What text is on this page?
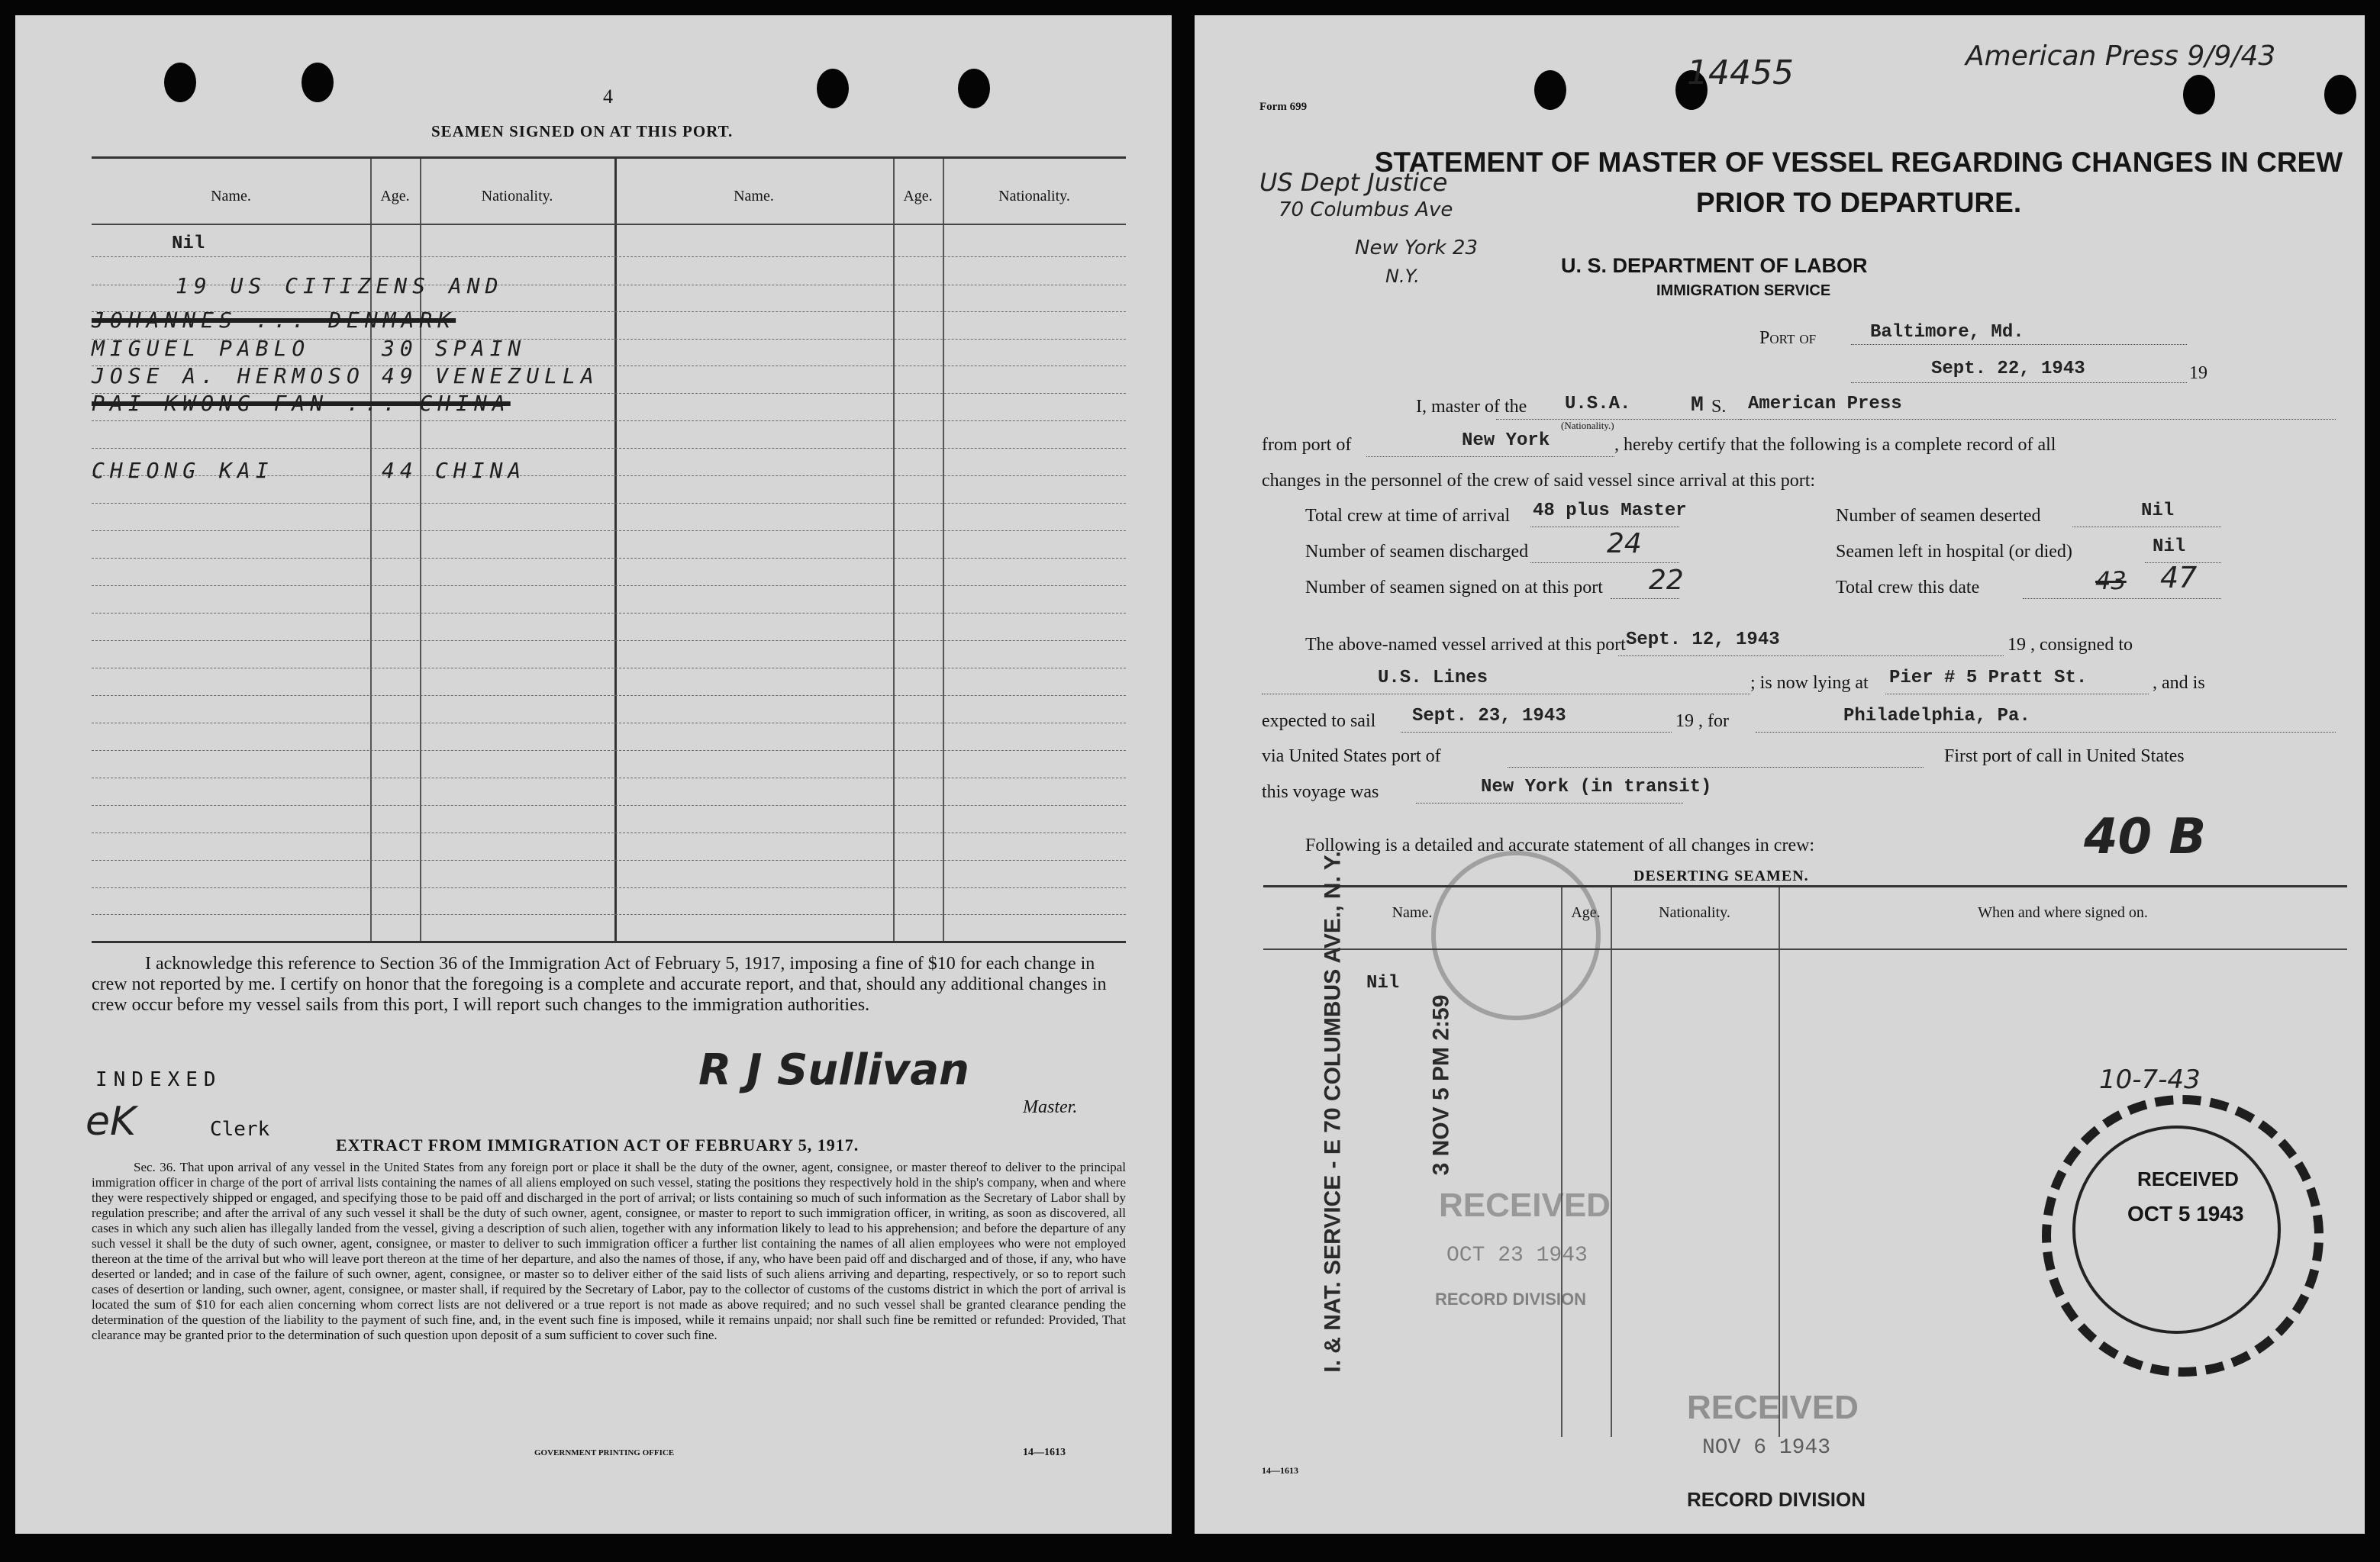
4
SEAMEN SIGNED ON AT THIS PORT.
Name.	Age.	Nationality.	Name.	Age.	Nationality.
Nil
19 US CITIZENS AND
JOHANNES ... DENMARK
MIGUEL PABLO	30 SPAIN
JOSE A. HERMOSO 49 VENEZULLA
PAI KWONG FAN ... CHINA
CHEONG KAI	44 CHINA
I acknowledge this reference to Section 36 of the Immigration Act of February 5, 1917, imposing a fine of $10 for each change in crew not reported by me. I certify on honor that the foregoing is a complete and accurate report, and that, should any additional changes in crew occur before my vessel sails from this port, I will report such changes to the immigration authorities.
INDEXED
eK	Clerk
R J Sullivan
Master.
EXTRACT FROM IMMIGRATION ACT OF FEBRUARY 5, 1917.
Sec. 36. That upon arrival of any vessel in the United States from any foreign port or place it shall be the duty of the owner, agent, consignee, or master thereof to deliver to the principal immigration officer in charge of the port of arrival lists containing the names of all aliens employed on such vessel, stating the positions they respectively hold in the ship's company, when and where they were respectively shipped or engaged, and specifying those to be paid off and discharged in the port of arrival; or lists containing so much of such information as the Secretary of Labor shall by regulation prescribe; and after the arrival of any such vessel it shall be the duty of such owner, agent, consignee, or master to report to such immigration officer, in writing, as soon as discovered, all cases in which any such alien has illegally landed from the vessel, giving a description of such alien, together with any information likely to lead to his apprehension; and before the departure of any such vessel it shall be the duty of such owner, agent, consignee, or master to deliver to such immigration officer a further list containing the names of all alien employees who were not employed thereon at the time of the arrival but who will leave port thereon at the time of her departure, and also the names of those, if any, who have been paid off and discharged and of those, if any, who have deserted or landed; and in case of the failure of such owner, agent, consignee, or master so to deliver either of the said lists of such aliens arriving and departing, respectively, or so to report such cases of desertion or landing, such owner, agent, consignee, or master shall, if required by the Secretary of Labor, pay to the collector of customs of the customs district in which the port of arrival is located the sum of $10 for each alien concerning whom correct lists are not delivered or a true report is not made as above required; and no such vessel shall be granted clearance pending the determination of the question of the liability to the payment of such fine, and, in the event such fine is imposed, while it remains unpaid; nor shall such fine be remitted or refunded: Provided, That clearance may be granted prior to the determination of such question upon deposit of a sum sufficient to cover such fine.
GOVERNMENT PRINTING OFFICE	14—1613
Form 699
14455	American Press 9/9/43
US Dept Justice
70 Columbus Ave
New York 23
N.Y.
STATEMENT OF MASTER OF VESSEL REGARDING CHANGES IN CREW
PRIOR TO DEPARTURE.
U. S. DEPARTMENT OF LABOR
IMMIGRATION SERVICE
Port of	Baltimore, Md.
Sept. 22, 1943	19
I, master of the U.S.A.
(Nationality.)
M S. American Press
from port of	New York	, hereby certify that the following is a complete record of all
changes in the personnel of the crew of said vessel since arrival at this port:
Total crew at time of arrival 48 plus Master
Number of seamen discharged	24
Number of seamen signed on at this port 22
Number of seamen deserted	Nil
Seamen left in hospital (or died)	Nil
Total crew this date	43 47
The above-named vessel arrived at this port Sept. 12, 1943	19 , consigned to
U.S. Lines	; is now lying at Pier # 5 Pratt St.	, and is
expected to sail Sept. 23, 1943	19 , for	Philadelphia, Pa.
via United States port of	First port of call in United States
this voyage was	New York (in transit)
Following is a detailed and accurate statement of all changes in crew:	40 B
DESERTING SEAMEN.
Name.	Age.	Nationality.	When and where signed on.
Nil
I. & NAT. SERVICE - E 70 COLUMBUS AVE., N. Y.	3 NOV 5 PM 2:59
RECEIVED
OCT 23 1943
RECORD DIVISION
10-7-43
RECEIVED
OCT 5 1943
RECEIVED
NOV 6 1943
RECORD DIVISION
14—1613
